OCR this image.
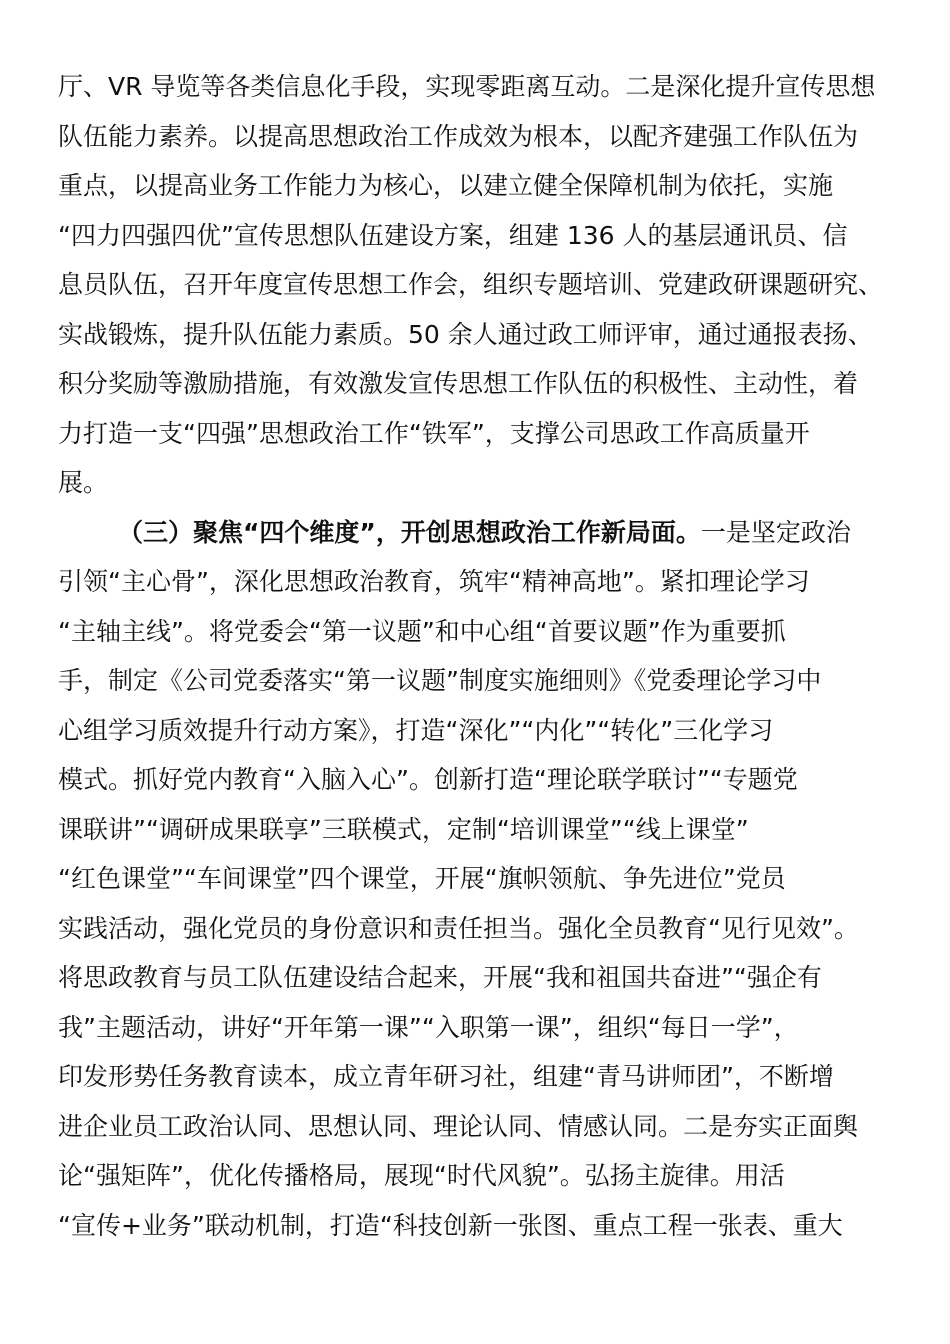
厅、VR 导览等各类信息化手段，实现零距离互动。二是深化提升宣传思想
队伍能力素养。以提高思想政治工作成效为根本，以配齐建强工作队伍为
重点，以提高业务工作能力为核心，以建立健全保障机制为依托，实施
“四力四强四优”宣传思想队伍建设方案，组建 136 人的基层通讯员、信
息员队伍，召开年度宣传思想工作会，组织专题培训、党建政研课题研究、
实战锻炼，提升队伍能力素质。50 余人通过政工师评审，通过通报表扬、
积分奖励等激励措施，有效激发宣传思想工作队伍的积极性、主动性，着
力打造一支“四强”思想政治工作“铁军”，支撑公司思政工作高质量开
展。
（三）聚焦“四个维度”，开创思想政治工作新局面。一是坚定政治
引领“主心骨”，深化思想政治教育，筑牢“精神高地”。紧扣理论学习
“主轴主线”。将党委会“第一议题”和中心组“首要议题”作为重要抓
手，制定《公司党委落实“第一议题”制度实施细则》《党委理论学习中
心组学习质效提升行动方案》，打造“深化”“内化”“转化”三化学习
模式。抓好党内教育“入脑入心”。创新打造“理论联学联讨”“专题党
课联讲”“调研成果联享”三联模式，定制“培训课堂”“线上课堂”
“红色课堂”“车间课堂”四个课堂，开展“旗帜领航、争先进位”党员
实践活动，强化党员的身份意识和责任担当。强化全员教育“见行见效”。
将思政教育与员工队伍建设结合起来，开展“我和祖国共奋进”“强企有
我”主题活动，讲好“开年第一课”“入职第一课”，组织“每日一学”，
印发形势任务教育读本，成立青年研习社，组建“青马讲师团”，不断增
进企业员工政治认同、思想认同、理论认同、情感认同。二是夯实正面舆
论“强矩阵”，优化传播格局，展现“时代风貌”。弘扬主旋律。用活
“宣传+业务”联动机制，打造“科技创新一张图、重点工程一张表、重大
